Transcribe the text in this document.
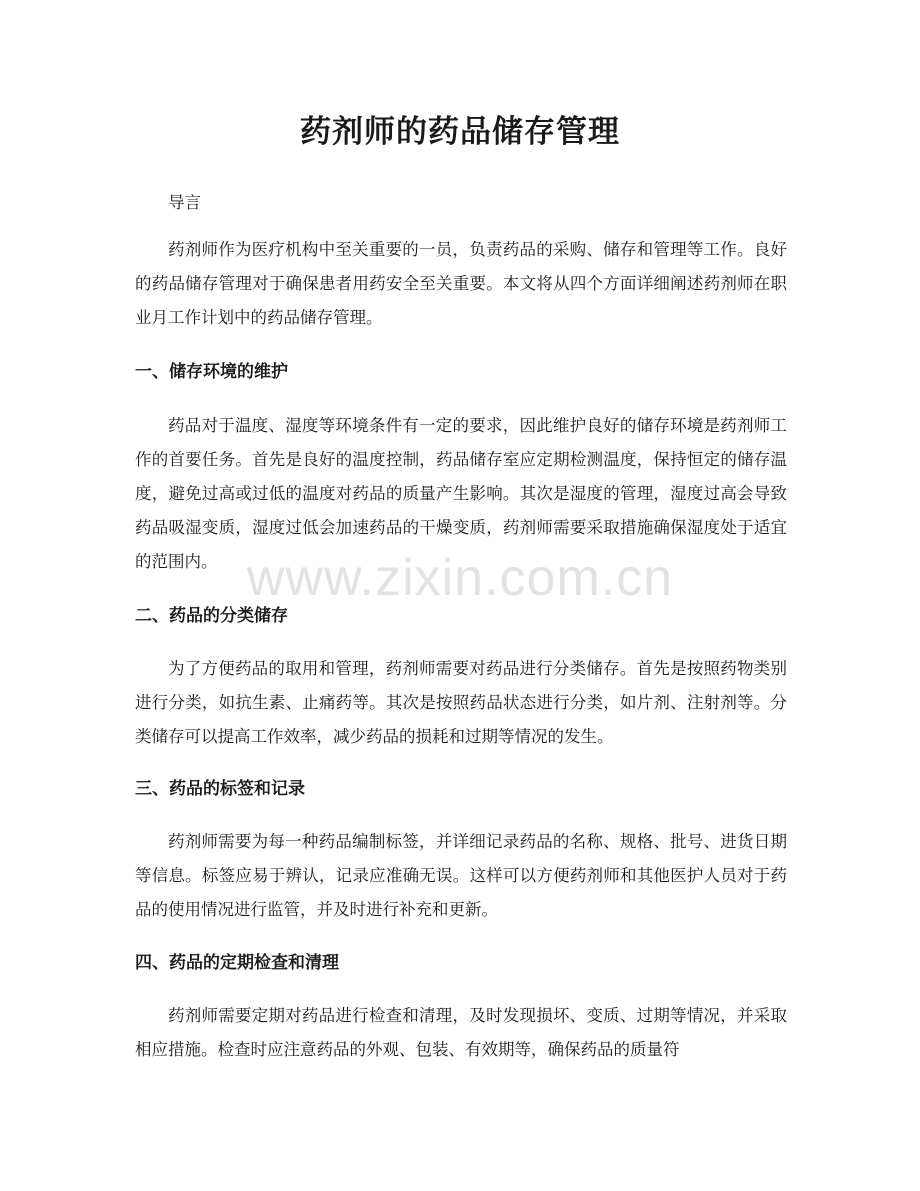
药剂师的药品储存管理

导言

药剂师作为医疗机构中至关重要的一员，负责药品的采购、储存和管理等工作。良好的药品储存管理对于确保患者用药安全至关重要。本文将从四个方面详细阐述药剂师在职业月工作计划中的药品储存管理。

一、储存环境的维护

药品对于温度、湿度等环境条件有一定的要求，因此维护良好的储存环境是药剂师工作的首要任务。首先是良好的温度控制，药品储存室应定期检测温度，保持恒定的储存温度，避免过高或过低的温度对药品的质量产生影响。其次是湿度的管理，湿度过高会导致药品吸湿变质，湿度过低会加速药品的干燥变质，药剂师需要采取措施确保湿度处于适宜的范围内。

二、药品的分类储存

为了方便药品的取用和管理，药剂师需要对药品进行分类储存。首先是按照药物类别进行分类，如抗生素、止痛药等。其次是按照药品状态进行分类，如片剂、注射剂等。分类储存可以提高工作效率，减少药品的损耗和过期等情况的发生。

三、药品的标签和记录

药剂师需要为每一种药品编制标签，并详细记录药品的名称、规格、批号、进货日期等信息。标签应易于辨认，记录应准确无误。这样可以方便药剂师和其他医护人员对于药品的使用情况进行监管，并及时进行补充和更新。

四、药品的定期检查和清理

药剂师需要定期对药品进行检查和清理，及时发现损坏、变质、过期等情况，并采取相应措施。检查时应注意药品的外观、包装、有效期等，确保药品的质量符

www.zixin.com.cn
